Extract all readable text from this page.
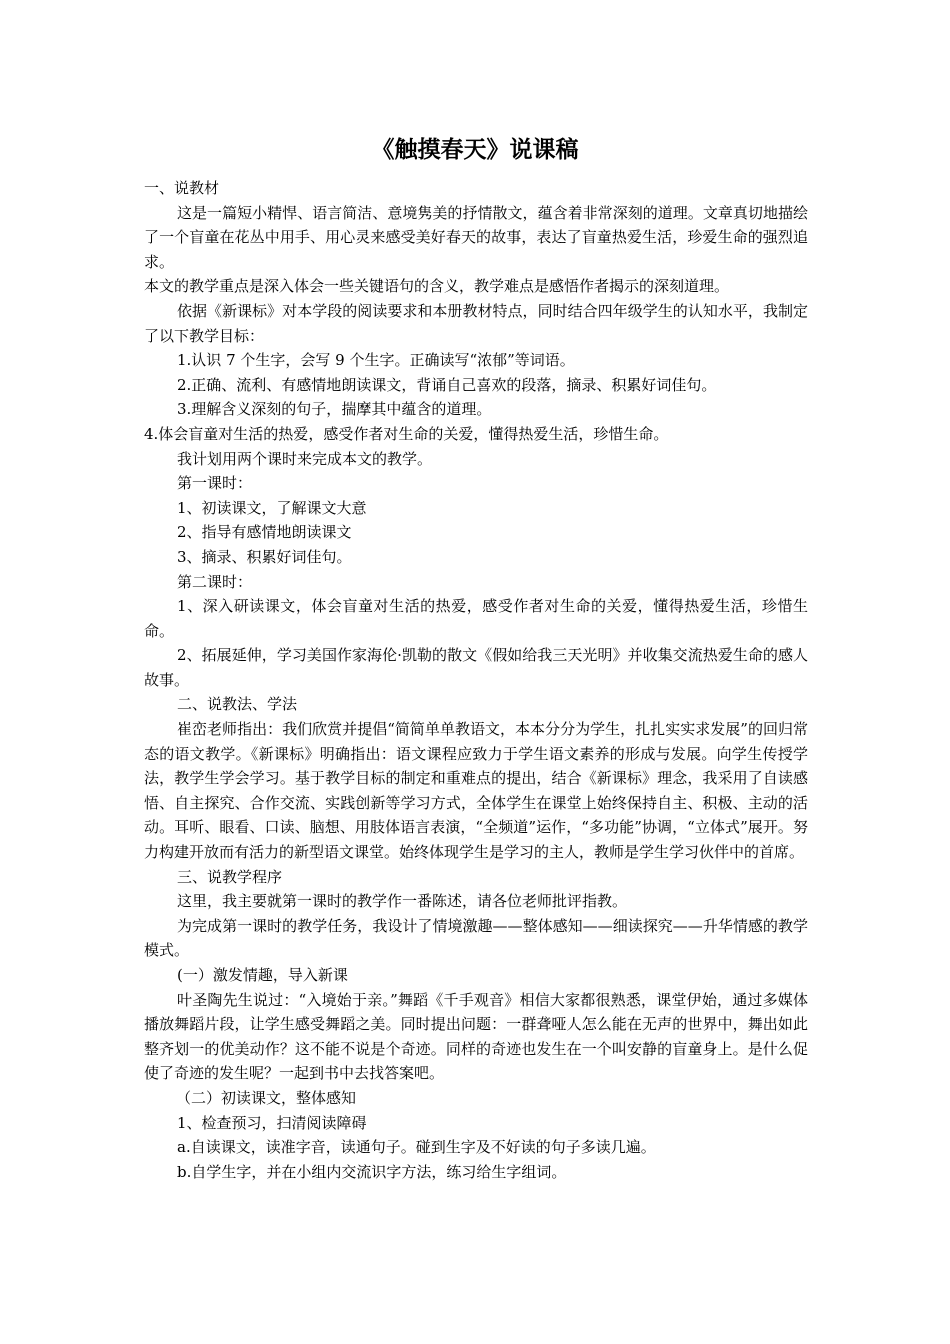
《触摸春天》说课稿

一、说教材

这是一篇短小精悍、语言简洁、意境隽美的抒情散文，蕴含着非常深刻的道理。文章真切地描绘了一个盲童在花丛中用手、用心灵来感受美好春天的故事，表达了盲童热爱生活，珍爱生命的强烈追求。

本文的教学重点是深入体会一些关键语句的含义，教学难点是感悟作者揭示的深刻道理。

依据《新课标》对本学段的阅读要求和本册教材特点，同时结合四年级学生的认知水平，我制定了以下教学目标：

1.认识 7 个生字，会写 9 个生字。正确读写“浓郁”等词语。

2.正确、流利、有感情地朗读课文，背诵自己喜欢的段落，摘录、积累好词佳句。

3.理解含义深刻的句子，揣摩其中蕴含的道理。

4.体会盲童对生活的热爱，感受作者对生命的关爱，懂得热爱生活，珍惜生命。

我计划用两个课时来完成本文的教学。

第一课时：

1、初读课文，了解课文大意

2、指导有感情地朗读课文

3、摘录、积累好词佳句。

第二课时：

1、深入研读课文，体会盲童对生活的热爱，感受作者对生命的关爱，懂得热爱生活，珍惜生命。

2、拓展延伸，学习美国作家海伦·凯勒的散文《假如给我三天光明》并收集交流热爱生命的感人故事。

二、说教法、学法

崔峦老师指出：我们欣赏并提倡“简简单单教语文，本本分分为学生，扎扎实实求发展”的回归常态的语文教学。《新课标》明确指出：语文课程应致力于学生语文素养的形成与发展。向学生传授学法，教学生学会学习。基于教学目标的制定和重难点的提出，结合《新课标》理念，我采用了自读感悟、自主探究、合作交流、实践创新等学习方式，全体学生在课堂上始终保持自主、积极、主动的活动。耳听、眼看、口读、脑想、用肢体语言表演，“全频道”运作，“多功能”协调，“立体式”展开。努力构建开放而有活力的新型语文课堂。始终体现学生是学习的主人，教师是学生学习伙伴中的首席。

三、说教学程序

这里，我主要就第一课时的教学作一番陈述，请各位老师批评指教。

为完成第一课时的教学任务，我设计了情境激趣——整体感知——细读探究——升华情感的教学模式。

(一）激发情趣，导入新课

叶圣陶先生说过：“入境始于亲。”舞蹈《千手观音》相信大家都很熟悉，课堂伊始，通过多媒体播放舞蹈片段，让学生感受舞蹈之美。同时提出问题：一群聋哑人怎么能在无声的世界中，舞出如此整齐划一的优美动作？这不能不说是个奇迹。同样的奇迹也发生在一个叫安静的盲童身上。是什么促使了奇迹的发生呢？一起到书中去找答案吧。

（二）初读课文，整体感知

1、检查预习，扫清阅读障碍

a.自读课文，读准字音，读通句子。碰到生字及不好读的句子多读几遍。

b.自学生字，并在小组内交流识字方法，练习给生字组词。
